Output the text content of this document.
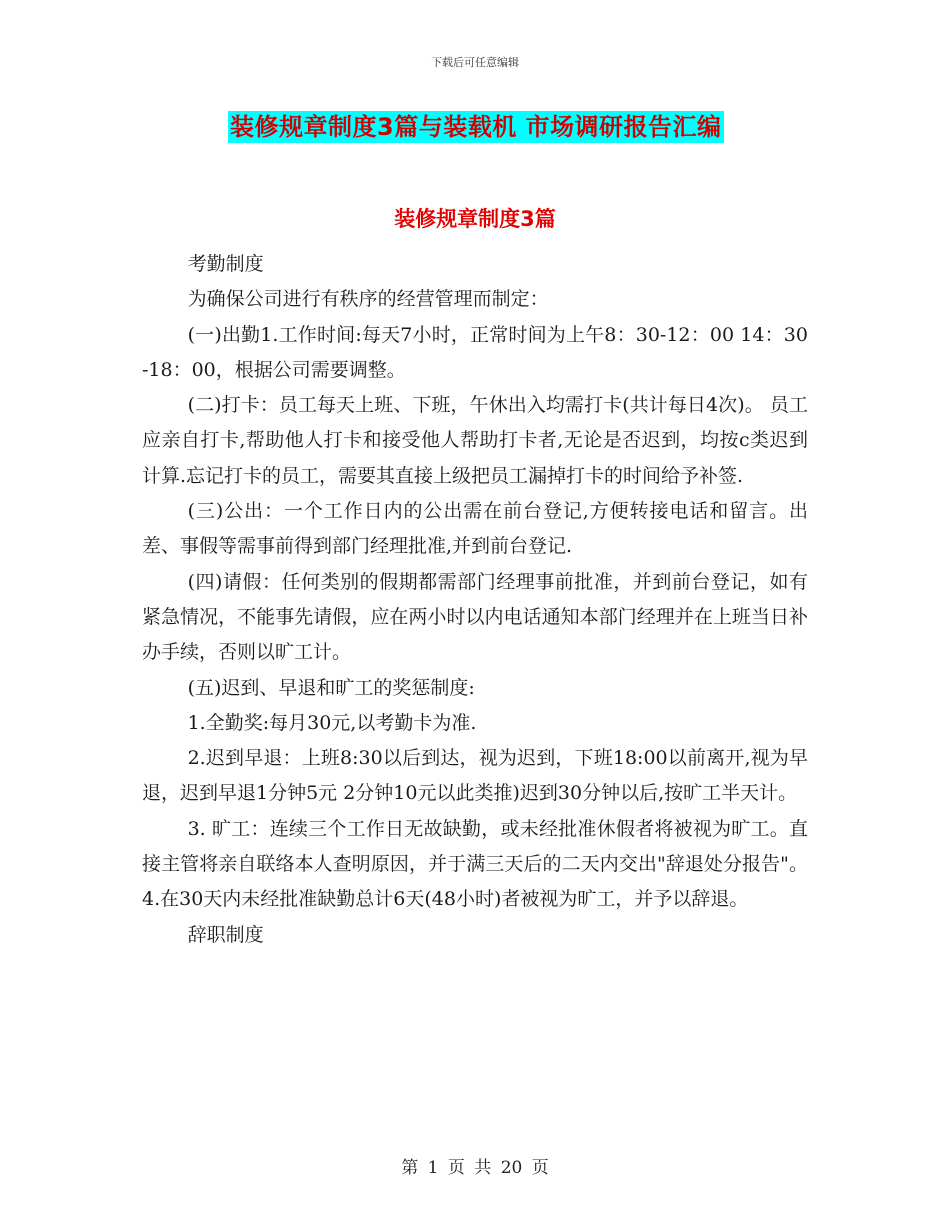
下载后可任意编辑
装修规章制度3篇与装载机 市场调研报告汇编
装修规章制度3篇

考勤制度

为确保公司进行有秩序的经营管理而制定：

(一)出勤1.工作时间:每天7小时，正常时间为上午8：30-12：00 14：30-18：00，根据公司需要调整。

(二)打卡：员工每天上班、下班，午休出入均需打卡(共计每日4次)。 员工应亲自打卡,帮助他人打卡和接受他人帮助打卡者,无论是否迟到，均按c类迟到计算.忘记打卡的员工，需要其直接上级把员工漏掉打卡的时间给予补签.

(三)公出：一个工作日内的公出需在前台登记,方便转接电话和留言。出差、事假等需事前得到部门经理批准,并到前台登记.

(四)请假：任何类别的假期都需部门经理事前批准，并到前台登记，如有紧急情况，不能事先请假，应在两小时以内电话通知本部门经理并在上班当日补办手续，否则以旷工计。

(五)迟到、早退和旷工的奖惩制度:

1.全勤奖:每月30元,以考勤卡为准.

2.迟到早退：上班8:30以后到达，视为迟到，下班18:00以前离开,视为早退，迟到早退1分钟5元 2分钟10元以此类推)迟到30分钟以后,按旷工半天计。

3. 旷工：连续三个工作日无故缺勤，或未经批准休假者将被视为旷工。直接主管将亲自联络本人查明原因，并于满三天后的二天内交出"辞退处分报告"。 4.在30天内未经批准缺勤总计6天(48小时)者被视为旷工，并予以辞退。

辞职制度

第 1 页 共 20 页
